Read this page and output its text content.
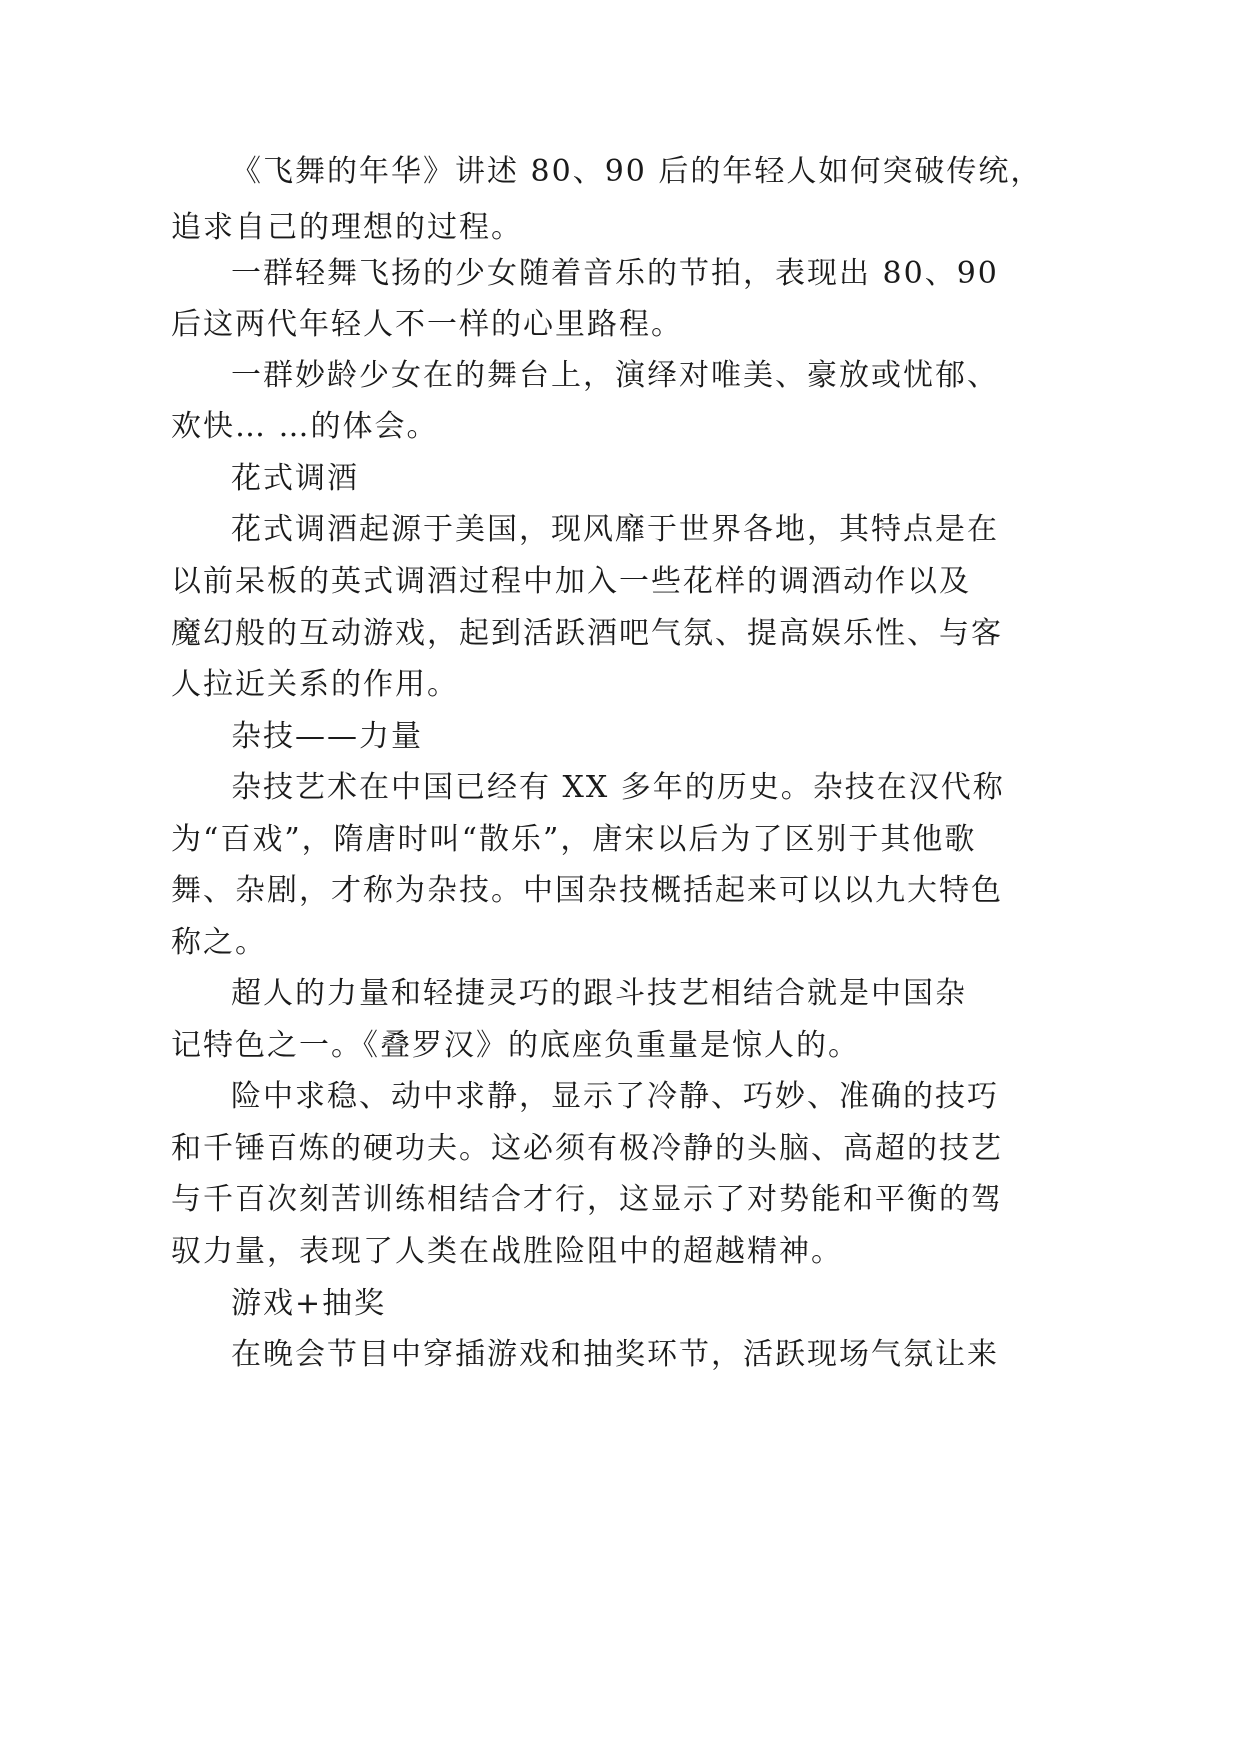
《飞舞的年华》讲述 80、90 后的年轻人如何突破传统，
追求自己的理想的过程。
一群轻舞飞扬的少女随着音乐的节拍，表现出 80、90
后这两代年轻人不一样的心里路程。
一群妙龄少女在的舞台上，演绎对唯美、豪放或忧郁、
欢快… …的体会。
花式调酒
花式调酒起源于美国，现风靡于世界各地，其特点是在
以前呆板的英式调酒过程中加入一些花样的调酒动作以及
魔幻般的互动游戏，起到活跃酒吧气氛、提高娱乐性、与客
人拉近关系的作用。
杂技——力量
杂技艺术在中国已经有 XX 多年的历史。杂技在汉代称
为“百戏”，隋唐时叫“散乐”，唐宋以后为了区别于其他歌
舞、杂剧，才称为杂技。中国杂技概括起来可以以九大特色
称之。
超人的力量和轻捷灵巧的跟斗技艺相结合就是中国杂
记特色之一。《叠罗汉》的底座负重量是惊人的。
险中求稳、动中求静，显示了冷静、巧妙、准确的技巧
和千锤百炼的硬功夫。这必须有极冷静的头脑、高超的技艺
与千百次刻苦训练相结合才行，这显示了对势能和平衡的驾
驭力量，表现了人类在战胜险阻中的超越精神。
游戏+抽奖
在晚会节目中穿插游戏和抽奖环节，活跃现场气氛让来
